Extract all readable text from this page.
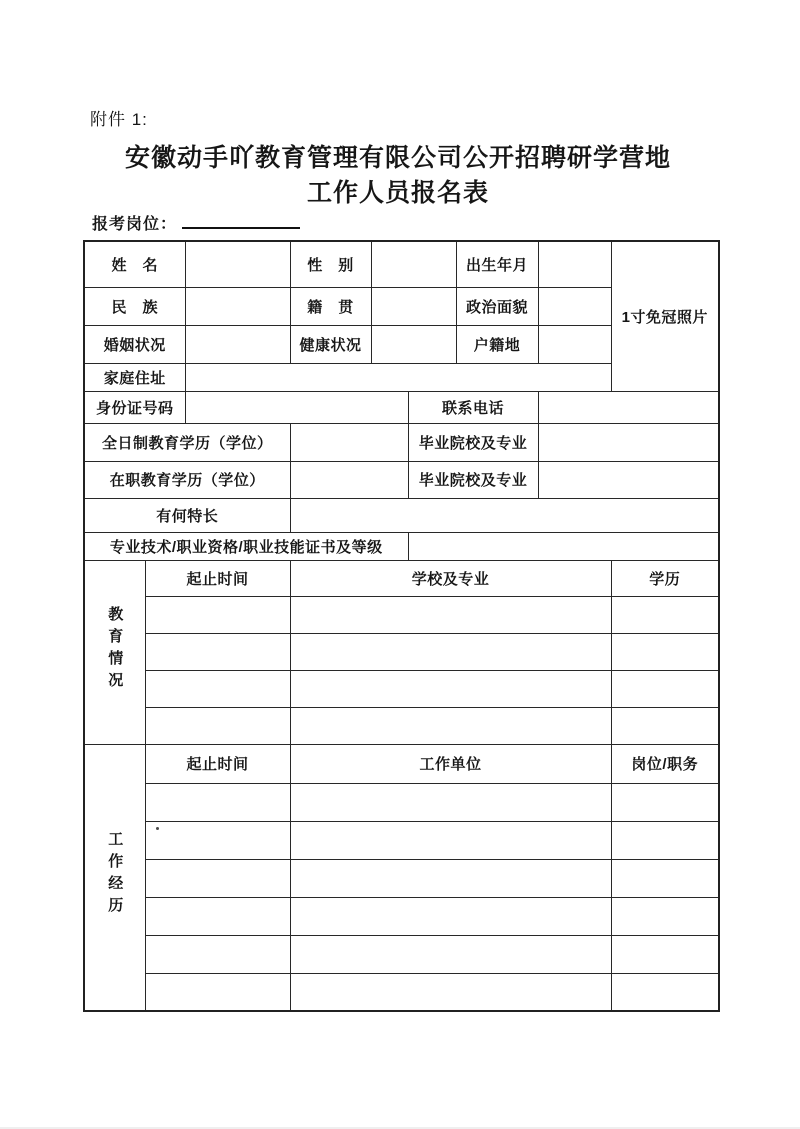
附件 1:
安徽动手吖教育管理有限公司公开招聘研学营地
工作人员报名表
报考岗位：
姓　名			性　别			出生年月		1寸免冠照片
民　族			籍　贯			政治面貌		
婚姻状况			健康状况			户籍地		
家庭住址								
身份证号码					联系电话			
全日制教育学历（学位）					毕业院校及专业			
在职教育学历（学位）					毕业院校及专业			
有何特长								
专业技术/职业资格/职业技能证书及等级								
教育情况	起止时间		学校及专业					学历

工作经历	起止时间		工作单位					岗位/职务
